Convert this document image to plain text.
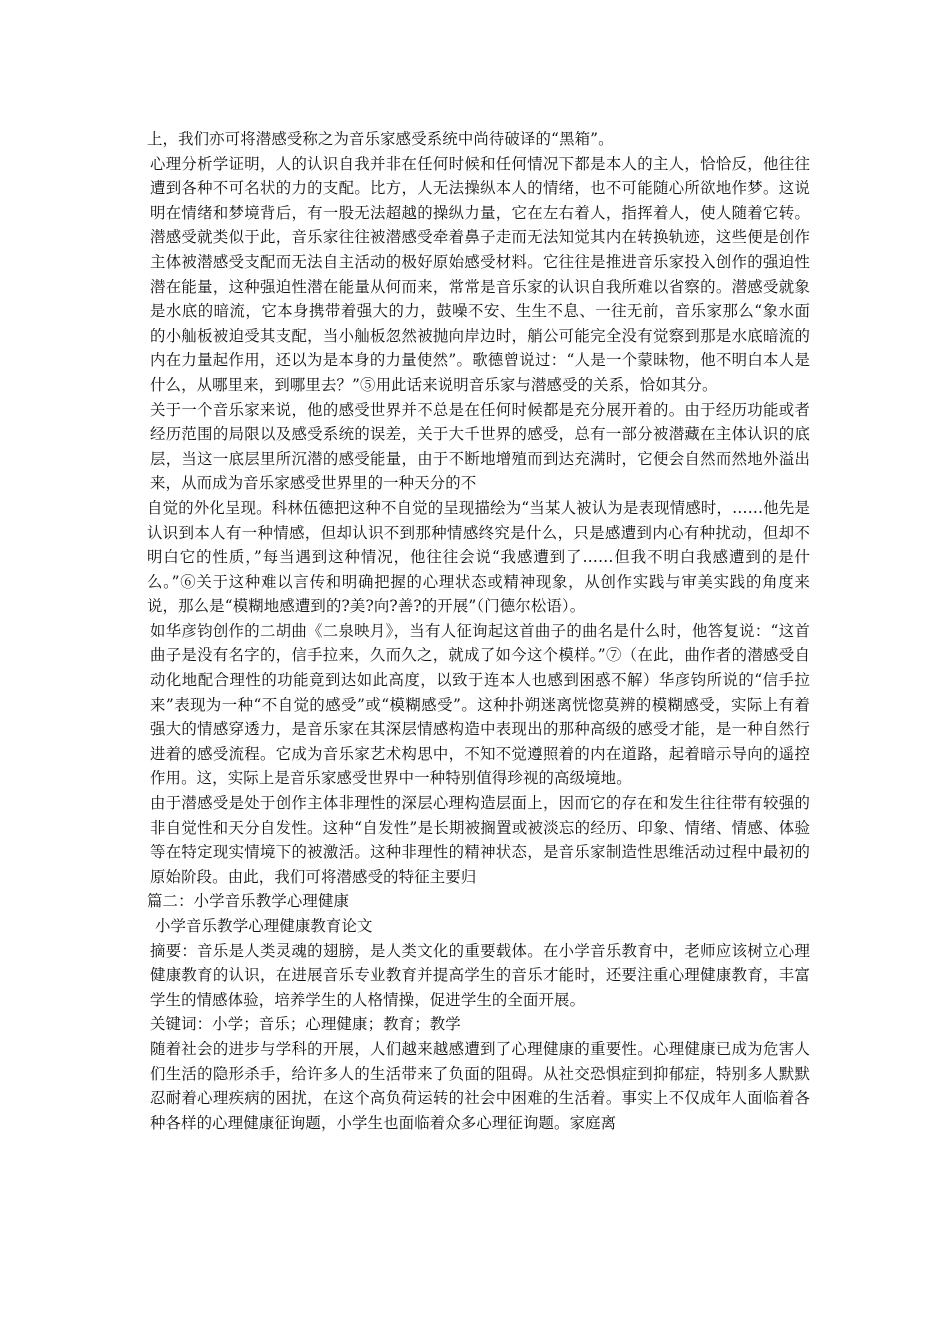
上，我们亦可将潜感受称之为音乐家感受系统中尚待破译的“黑箱”。

心理分析学证明，人的认识自我并非在任何时候和任何情况下都是本人的主人，恰恰反，他往往遭到各种不可名状的力的支配。比方，人无法操纵本人的情绪，也不可能随心所欲地作梦。这说明在情绪和梦境背后，有一股无法超越的操纵力量，它在左右着人，指挥着人，使人随着它转。潜感受就类似于此，音乐家往往被潜感受牵着鼻子走而无法知觉其内在转换轨迹，这些便是创作主体被潜感受支配而无法自主活动的极好原始感受材料。它往往是推进音乐家投入创作的强迫性潜在能量，这种强迫性潜在能量从何而来，常常是音乐家的认识自我所难以省察的。潜感受就象是水底的暗流，它本身携带着强大的力，鼓噪不安、生生不息、一往无前，音乐家那么“象水面的小舢板被迫受其支配，当小舢板忽然被抛向岸边时，艄公可能完全没有觉察到那是水底暗流的内在力量起作用，还以为是本身的力量使然”。歌德曾说过：“人是一个蒙昧物，他不明白本人是什么，从哪里来，到哪里去？”⑤用此话来说明音乐家与潜感受的关系，恰如其分。

关于一个音乐家来说，他的感受世界并不总是在任何时候都是充分展开着的。由于经历功能或者经历范围的局限以及感受系统的误差，关于大千世界的感受，总有一部分被潜藏在主体认识的底层，当这一底层里所沉潜的感受能量，由于不断地增殖而到达充满时，它便会自然而然地外溢出来，从而成为音乐家感受世界里的一种天分的不

自觉的外化呈现。科林伍德把这种不自觉的呈现描绘为“当某人被认为是表现情感时，……他先是认识到本人有一种情感，但却认识不到那种情感终究是什么，只是感遭到内心有种扰动，但却不明白它的性质，”每当遇到这种情况，他往往会说“我感遭到了……但我不明白我感遭到的是什么。”⑥关于这种难以言传和明确把握的心理状态或精神现象，从创作实践与审美实践的角度来说，那么是“模糊地感遭到的?美?向?善?的开展”（门德尔松语）。

如华彦钧创作的二胡曲《二泉映月》，当有人征询起这首曲子的曲名是什么时，他答复说：“这首曲子是没有名字的，信手拉来，久而久之，就成了如今这个模样。”⑦（在此，曲作者的潜感受自动化地配合理性的功能竟到达如此高度，以致于连本人也感到困惑不解）华彦钧所说的“信手拉来”表现为一种“不自觉的感受”或“模糊感受”。这种扑朔迷离恍惚莫辨的模糊感受，实际上有着强大的情感穿透力，是音乐家在其深层情感构造中表现出的那种高级的感受才能，是一种自然行进着的感受流程。它成为音乐家艺术构思中，不知不觉遵照着的内在道路，起着暗示导向的遥控作用。这，实际上是音乐家感受世界中一种特别值得珍视的高级境地。

由于潜感受是处于创作主体非理性的深层心理构造层面上，因而它的存在和发生往往带有较强的非自觉性和天分自发性。这种“自发性”是长期被搁置或被淡忘的经历、印象、情绪、情感、体验等在特定现实情境下的被激活。这种非理性的精神状态，是音乐家制造性思维活动过程中最初的原始阶段。由此，我们可将潜感受的特征主要归

篇二：小学音乐教学心理健康

小学音乐教学心理健康教育论文

摘要：音乐是人类灵魂的翅膀，是人类文化的重要载体。在小学音乐教育中，老师应该树立心理健康教育的认识，在进展音乐专业教育并提高学生的音乐才能时，还要注重心理健康教育，丰富学生的情感体验，培养学生的人格情操，促进学生的全面开展。

关键词：小学；音乐；心理健康；教育；教学

随着社会的进步与学科的开展，人们越来越感遭到了心理健康的重要性。心理健康已成为危害人们生活的隐形杀手，给许多人的生活带来了负面的阻碍。从社交恐惧症到抑郁症，特别多人默默忍耐着心理疾病的困扰，在这个高负荷运转的社会中困难的生活着。事实上不仅成年人面临着各种各样的心理健康征询题，小学生也面临着众多心理征询题。家庭离
